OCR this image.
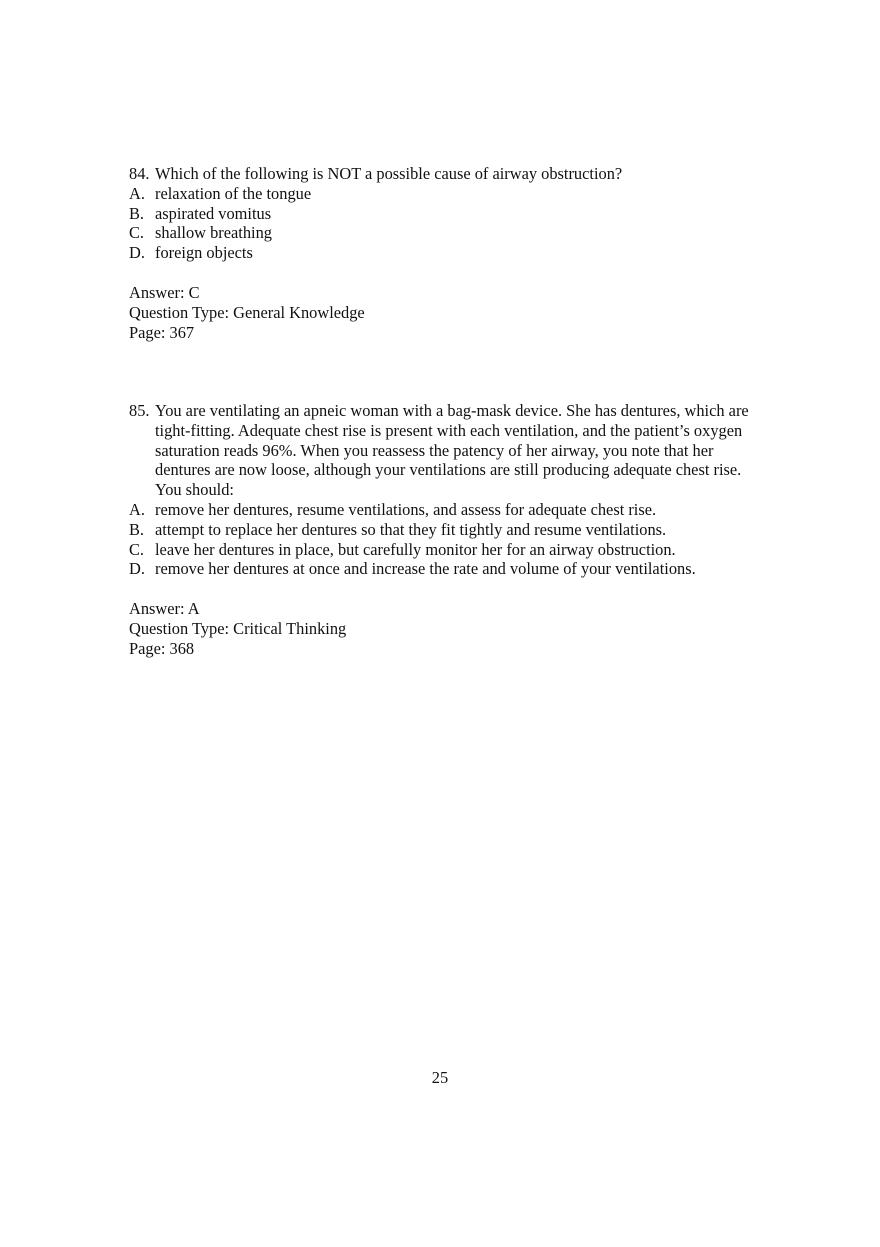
84. Which of the following is NOT a possible cause of airway obstruction?
A. relaxation of the tongue
B. aspirated vomitus
C. shallow breathing
D. foreign objects
Answer: C
Question Type: General Knowledge
Page: 367
85. You are ventilating an apneic woman with a bag-mask device. She has dentures, which are tight-fitting. Adequate chest rise is present with each ventilation, and the patient’s oxygen saturation reads 96%. When you reassess the patency of her airway, you note that her dentures are now loose, although your ventilations are still producing adequate chest rise. You should:
A. remove her dentures, resume ventilations, and assess for adequate chest rise.
B. attempt to replace her dentures so that they fit tightly and resume ventilations.
C. leave her dentures in place, but carefully monitor her for an airway obstruction.
D. remove her dentures at once and increase the rate and volume of your ventilations.
Answer: A
Question Type: Critical Thinking
Page: 368
25
